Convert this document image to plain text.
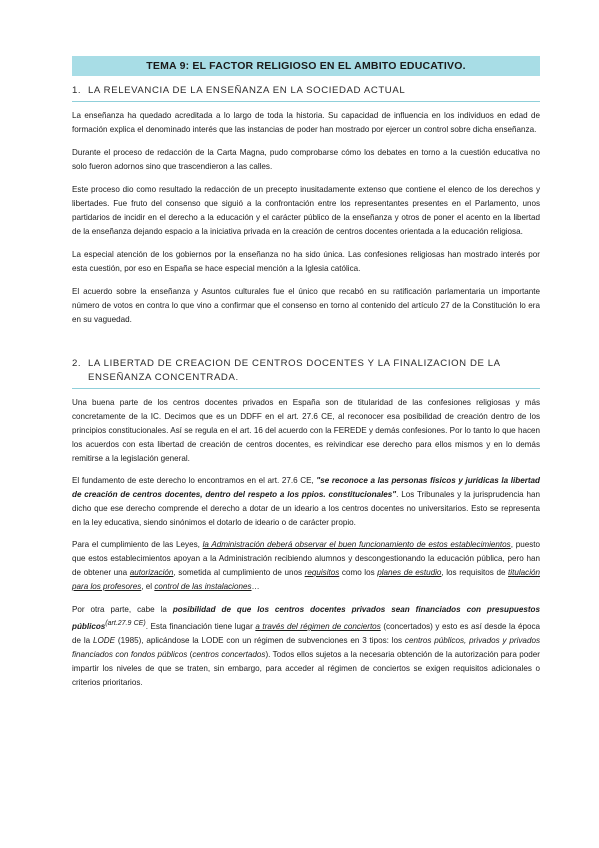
TEMA 9: EL FACTOR RELIGIOSO EN EL AMBITO EDUCATIVO.
1. LA RELEVANCIA DE LA ENSEÑANZA EN LA SOCIEDAD ACTUAL

La enseñanza ha quedado acreditada a lo largo de toda la historia. Su capacidad de influencia en los individuos en edad de formación explica el denominado interés que las instancias de poder han mostrado por ejercer un control sobre dicha enseñanza.

Durante el proceso de redacción de la Carta Magna, pudo comprobarse cómo los debates en torno a la cuestión educativa no solo fueron adornos sino que trascendieron a las calles.

Este proceso dio como resultado la redacción de un precepto inusitadamente extenso que contiene el elenco de los derechos y libertades. Fue fruto del consenso que siguió a la confrontación entre los representantes presentes en el Parlamento, unos partidarios de incidir en el derecho a la educación y el carácter público de la enseñanza y otros de poner el acento en la libertad de la enseñanza dejando espacio a la iniciativa privada en la creación de centros docentes orientada a la educación religiosa.

La especial atención de los gobiernos por la enseñanza no ha sido única. Las confesiones religiosas han mostrado interés por esta cuestión, por eso en España se hace especial mención a la Iglesia católica.

El acuerdo sobre la enseñanza y Asuntos culturales fue el único que recabó en su ratificación parlamentaria un importante número de votos en contra lo que vino a confirmar que el consenso en torno al contenido del artículo 27 de la Constitución lo era en su vaguedad.

2. LA LIBERTAD DE CREACION DE CENTROS DOCENTES Y LA FINALIZACION DE LA ENSEÑANZA CONCENTRADA.

Una buena parte de los centros docentes privados en España son de titularidad de las confesiones religiosas y más concretamente de la IC. Decimos que es un DDFF en el art. 27.6 CE, al reconocer esa posibilidad de creación dentro de los principios constitucionales. Así se regula en el art. 16 del acuerdo con la FEREDE y demás confesiones. Por lo tanto lo que hacen los acuerdos con esta libertad de creación de centros docentes, es reivindicar ese derecho para ellos mismos y en lo demás remitirse a la legislación general.

El fundamento de este derecho lo encontramos en el art. 27.6 CE, "se reconoce a las personas físicos y jurídicas la libertad de creación de centros docentes, dentro del respeto a los ppios. constitucionales". Los Tribunales y la jurisprudencia han dicho que ese derecho comprende el derecho a dotar de un ideario a los centros docentes no universitarios. Esto se representa en la ley educativa, siendo sinónimos el dotarlo de ideario o de carácter propio.

Para el cumplimiento de las Leyes, la Administración deberá observar el buen funcionamiento de estos establecimientos, puesto que estos establecimientos apoyan a la Administración recibiendo alumnos y descongestionando la educación pública, pero han de obtener una autorización, sometida al cumplimiento de unos requisitos como los planes de estudio, los requisitos de titulación para los profesores, el control de las instalaciones…

Por otra parte, cabe la posibilidad de que los centros docentes privados sean financiados con presupuestos públicos$^{(art.27.9 CE)}$. Esta financiación tiene lugar a través del régimen de conciertos (concertados) y esto es así desde la época de la LODE (1985), aplicándose la LODE con un régimen de subvenciones en 3 tipos: los centros públicos, privados y privados financiados con fondos públicos (centros concertados). Todos ellos sujetos a la necesaria obtención de la autorización para poder impartir los niveles de que se traten, sin embargo, para acceder al régimen de conciertos se exigen requisitos adicionales o criterios prioritarios.
